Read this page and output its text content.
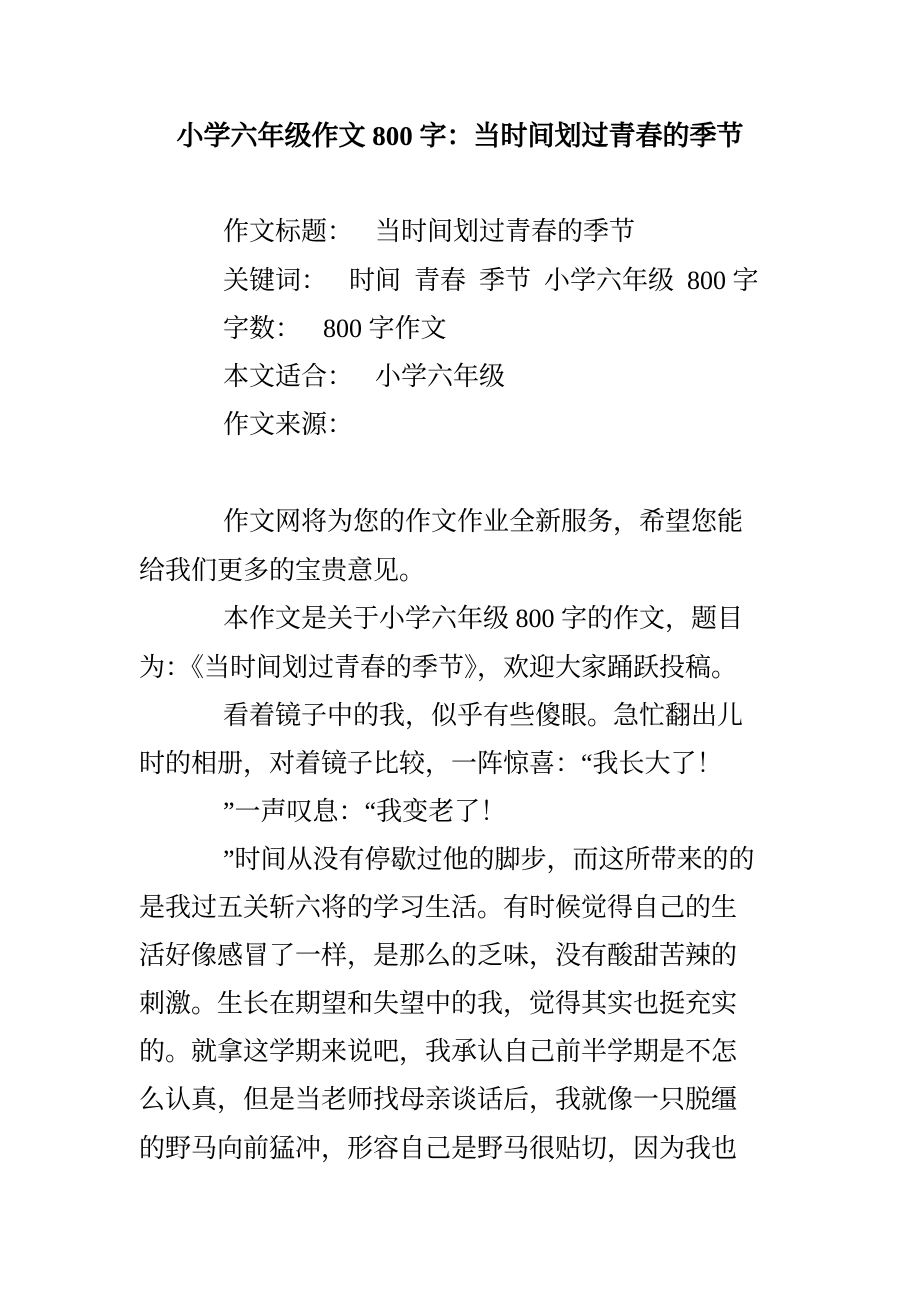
小学六年级作文 800 字：当时间划过青春的季节
作文标题： 当时间划过青春的季节
关键词： 时间  青春  季节  小学六年级  800 字
字数： 800 字作文
本文适合： 小学六年级
作文来源：
作文网将为您的作文作业全新服务，希望您能
给我们更多的宝贵意见。
本作文是关于小学六年级 800 字的作文，题目
为：《当时间划过青春的季节》，欢迎大家踊跃投稿。
看着镜子中的我，似乎有些傻眼。急忙翻出儿
时的相册，对着镜子比较，一阵惊喜：“我长大了！
”一声叹息：“我变老了！
”时间从没有停歇过他的脚步，而这所带来的的
是我过五关斩六将的学习生活。有时候觉得自己的生
活好像感冒了一样，是那么的乏味，没有酸甜苦辣的
刺激。生长在期望和失望中的我，觉得其实也挺充实
的。就拿这学期来说吧，我承认自己前半学期是不怎
么认真，但是当老师找母亲谈话后，我就像一只脱缰
的野马向前猛冲，形容自己是野马很贴切，因为我也
